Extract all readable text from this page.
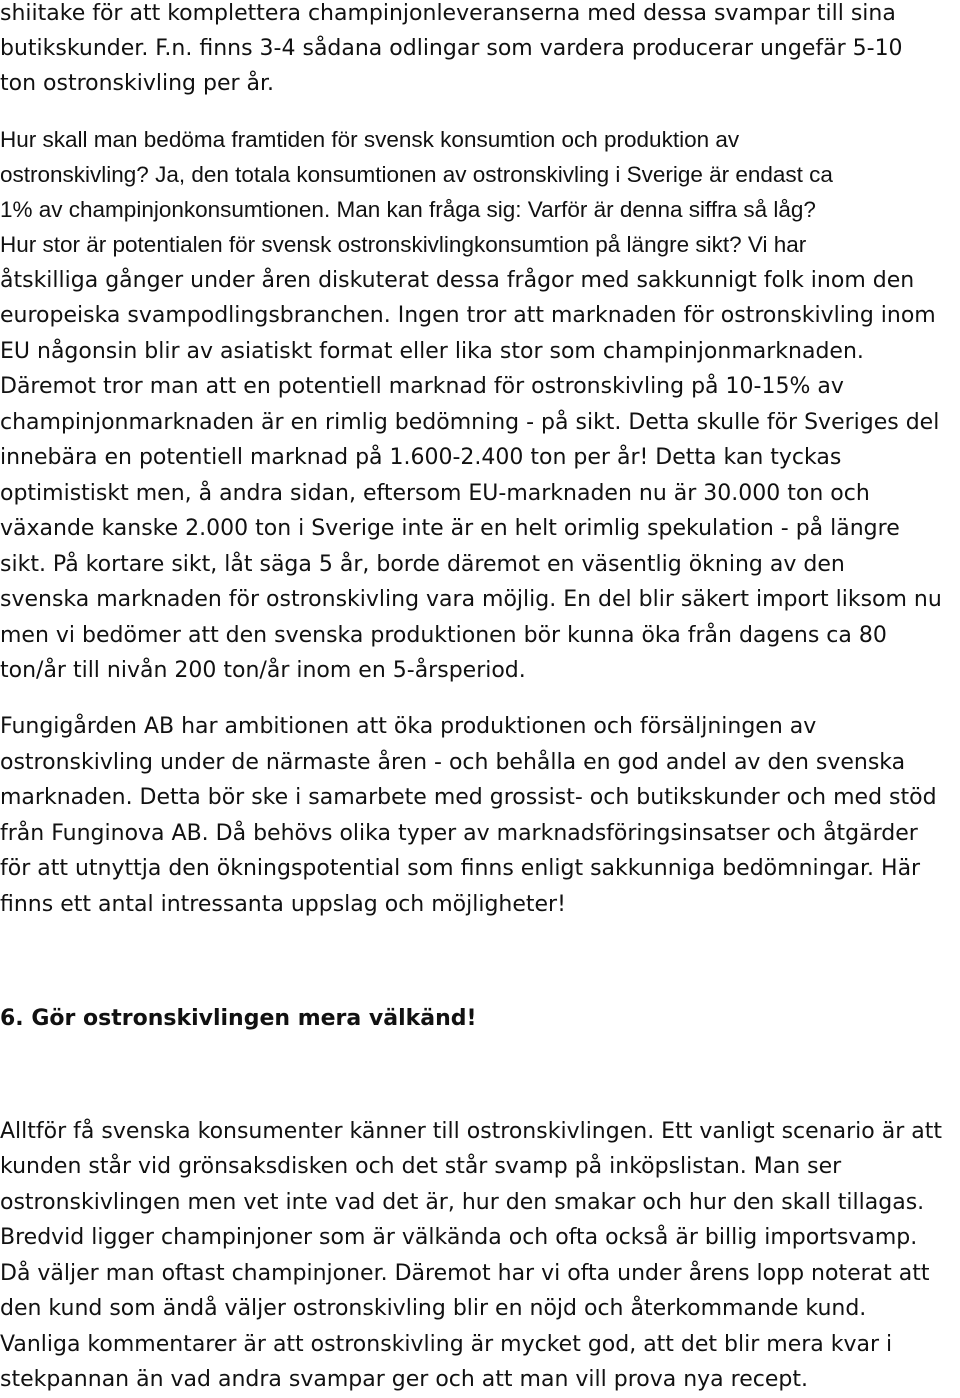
shiitake för att komplettera champinjonleveranserna med dessa svampar till sina

butikskunder. F.n. finns 3-4 sådana odlingar som vardera producerar ungefär 5-10

ton ostronskivling per år.

Hur skall man bedöma framtiden för svensk konsumtion och produktion av

ostronskivling? Ja, den totala konsumtionen av ostronskivling i Sverige är endast ca

1% av champinjonkonsumtionen. Man kan fråga sig: Varför är denna siffra så låg?

Hur stor är potentialen för svensk ostronskivlingkonsumtion på längre sikt? Vi har

åtskilliga gånger under åren diskuterat dessa frågor med sakkunnigt folk inom den

europeiska svampodlingsbranchen. Ingen tror att marknaden för ostronskivling inom

EU någonsin blir av asiatiskt format eller lika stor som champinjonmarknaden.

Däremot tror man att en potentiell marknad för ostronskivling på 10-15% av

champinjonmarknaden är en rimlig bedömning - på sikt. Detta skulle för Sveriges del

innebära en potentiell marknad på 1.600-2.400 ton per år! Detta kan tyckas

optimistiskt men, å andra sidan, eftersom EU-marknaden nu är 30.000 ton och

växande kanske 2.000 ton i Sverige inte är en helt orimlig spekulation - på längre

sikt. På kortare sikt, låt säga 5 år, borde däremot en väsentlig ökning av den

svenska marknaden för ostronskivling vara möjlig. En del blir säkert import liksom nu

men vi bedömer att den svenska produktionen bör kunna öka från dagens ca 80

ton/år till nivån 200 ton/år inom en 5-årsperiod.

Fungigården AB har ambitionen att öka produktionen och försäljningen av

ostronskivling under de närmaste åren - och behålla en god andel av den svenska

marknaden. Detta bör ske i samarbete med grossist- och butikskunder och med stöd

från Funginova AB. Då behövs olika typer av marknadsföringsinsatser och åtgärder

för att utnyttja den ökningspotential som finns enligt sakkunniga bedömningar. Här

finns ett antal intressanta uppslag och möjligheter!

6. Gör ostronskivlingen mera välkänd!

Alltför få svenska konsumenter känner till ostronskivlingen. Ett vanligt scenario är att

kunden står vid grönsaksdisken och det står svamp på inköpslistan. Man ser

ostronskivlingen men vet inte vad det är, hur den smakar och hur den skall tillagas.

Bredvid ligger champinjoner som är välkända och ofta också är billig importsvamp.

Då väljer man oftast champinjoner. Däremot har vi ofta under årens lopp noterat att

den kund som ändå väljer ostronskivling blir en nöjd och återkommande kund.

Vanliga kommentarer är att ostronskivling är mycket god, att det blir mera kvar i

stekpannan än vad andra svampar ger och att man vill prova nya recept.
